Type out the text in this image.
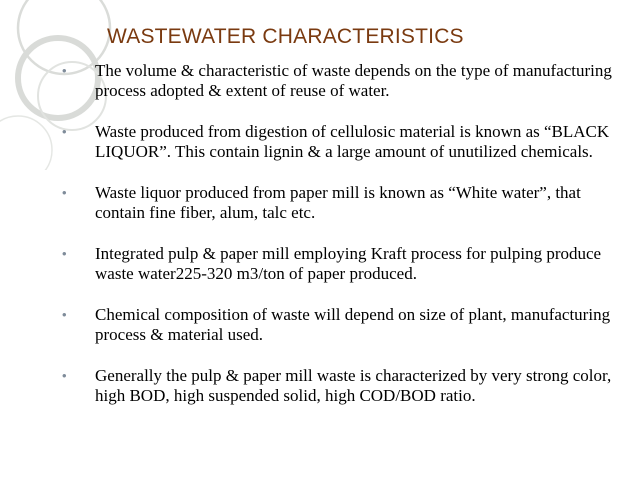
WASTEWATER CHARACTERISTICS
• The volume & characteristic of waste depends on the type of manufacturing process adopted & extent of reuse of water.
• Waste produced from digestion of cellulosic material is known as “BLACK LIQUOR”. This contain lignin & a large amount of unutilized chemicals.
• Waste liquor produced from paper mill is known as “White water”, that contain fine fiber, alum, talc etc.
• Integrated pulp & paper mill employing Kraft process for pulping produce waste water225-320 m3/ton of paper produced.
• Chemical composition of waste will depend on size of plant, manufacturing process & material used.
• Generally the pulp & paper mill waste is characterized by very strong color, high BOD, high suspended solid, high COD/BOD ratio.
